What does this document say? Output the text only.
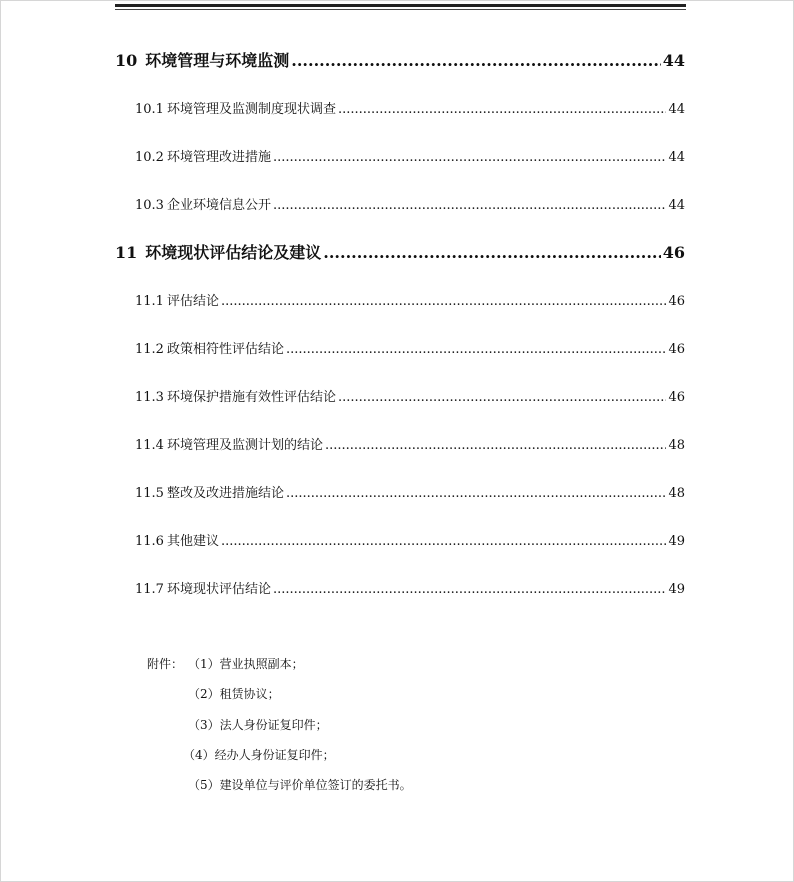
10 环境管理与环境监测 .....	44
10.1 环境管理及监测制度现状调查 .....	44
10.2 环境管理改进措施 .....	44
10.3 企业环境信息公开 .....	44
11 环境现状评估结论及建议 .....	46
11.1 评估结论 .....	46
11.2 政策相符性评估结论 .....	46
11.3 环境保护措施有效性评估结论 .....	46
11.4 环境管理及监测计划的结论 .....	48
11.5 整改及改进措施结论 .....	48
11.6 其他建议 .....	49
11.7 环境现状评估结论 .....	49
附件： （1）营业执照副本；
（2）租赁协议；
（3）法人身份证复印件；
（4）经办人身份证复印件；
（5）建设单位与评价单位签订的委托书。
